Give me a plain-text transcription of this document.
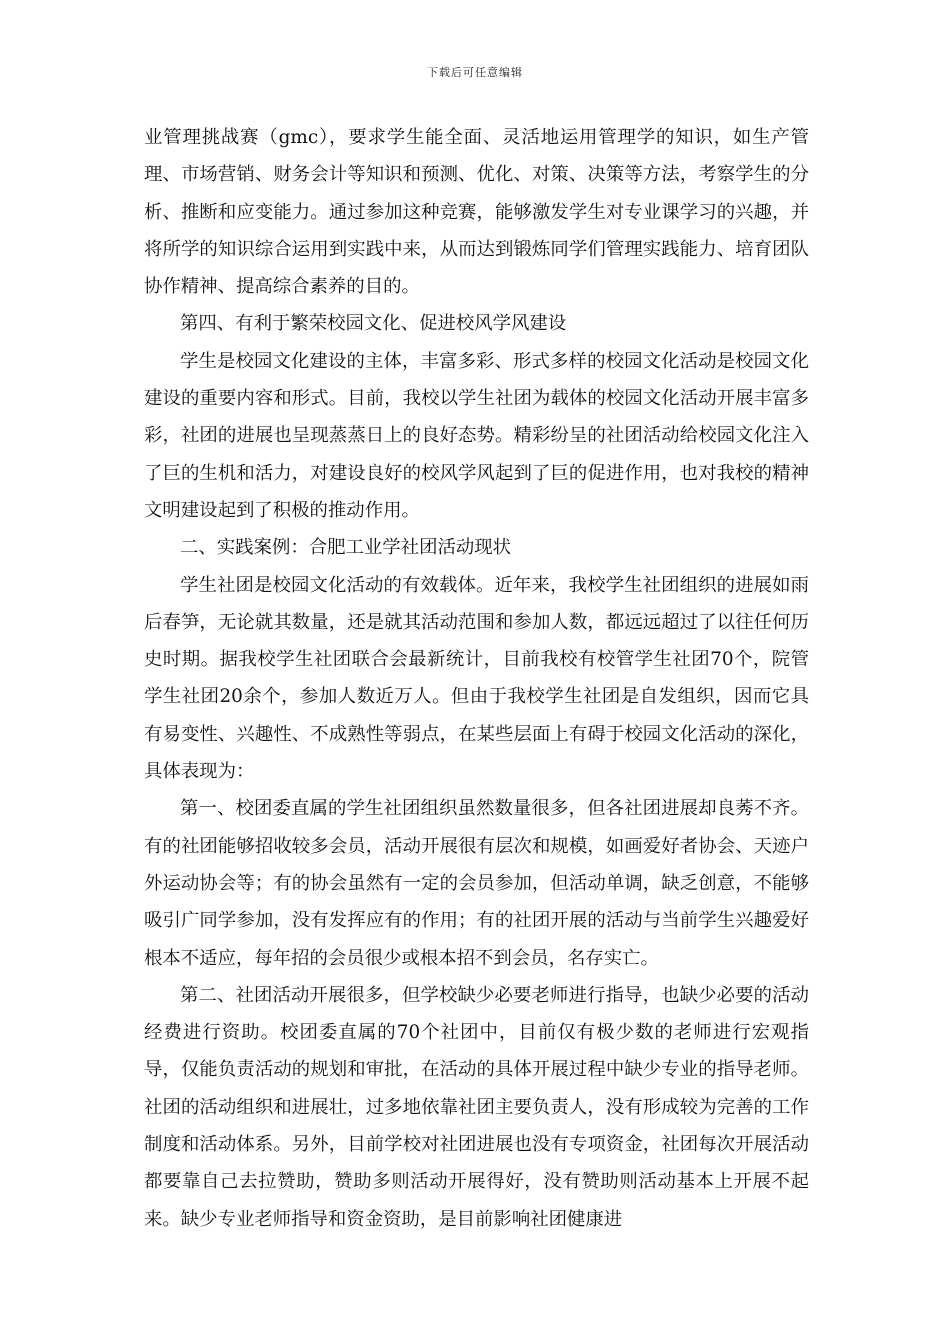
下载后可任意编辑

业管理挑战赛（gmc），要求学生能全面、灵活地运用管理学的知识，如生产管理、市场营销、财务会计等知识和预测、优化、对策、决策等方法，考察学生的分析、推断和应变能力。通过参加这种竞赛，能够激发学生对专业课学习的兴趣，并将所学的知识综合运用到实践中来，从而达到锻炼同学们管理实践能力、培育团队协作精神、提高综合素养的目的。

第四、有利于繁荣校园文化、促进校风学风建设

学生是校园文化建设的主体，丰富多彩、形式多样的校园文化活动是校园文化建设的重要内容和形式。目前，我校以学生社团为载体的校园文化活动开展丰富多彩，社团的进展也呈现蒸蒸日上的良好态势。精彩纷呈的社团活动给校园文化注入了巨的生机和活力，对建设良好的校风学风起到了巨的促进作用，也对我校的精神文明建设起到了积极的推动作用。

二、实践案例：合肥工业学社团活动现状

学生社团是校园文化活动的有效载体。近年来，我校学生社团组织的进展如雨后春笋，无论就其数量，还是就其活动范围和参加人数，都远远超过了以往任何历史时期。据我校学生社团联合会最新统计，目前我校有校管学生社团70个，院管学生社团20余个，参加人数近万人。但由于我校学生社团是自发组织，因而它具有易变性、兴趣性、不成熟性等弱点，在某些层面上有碍于校园文化活动的深化，具体表现为：

第一、校团委直属的学生社团组织虽然数量很多，但各社团进展却良莠不齐。有的社团能够招收较多会员，活动开展很有层次和规模，如画爱好者协会、天迹户外运动协会等；有的协会虽然有一定的会员参加，但活动单调，缺乏创意，不能够吸引广同学参加，没有发挥应有的作用；有的社团开展的活动与当前学生兴趣爱好根本不适应，每年招的会员很少或根本招不到会员，名存实亡。

第二、社团活动开展很多，但学校缺少必要老师进行指导，也缺少必要的活动经费进行资助。校团委直属的70个社团中，目前仅有极少数的老师进行宏观指导，仅能负责活动的规划和审批，在活动的具体开展过程中缺少专业的指导老师。社团的活动组织和进展壮，过多地依靠社团主要负责人，没有形成较为完善的工作制度和活动体系。另外，目前学校对社团进展也没有专项资金，社团每次开展活动都要靠自己去拉赞助，赞助多则活动开展得好，没有赞助则活动基本上开展不起来。缺少专业老师指导和资金资助，是目前影响社团健康进
